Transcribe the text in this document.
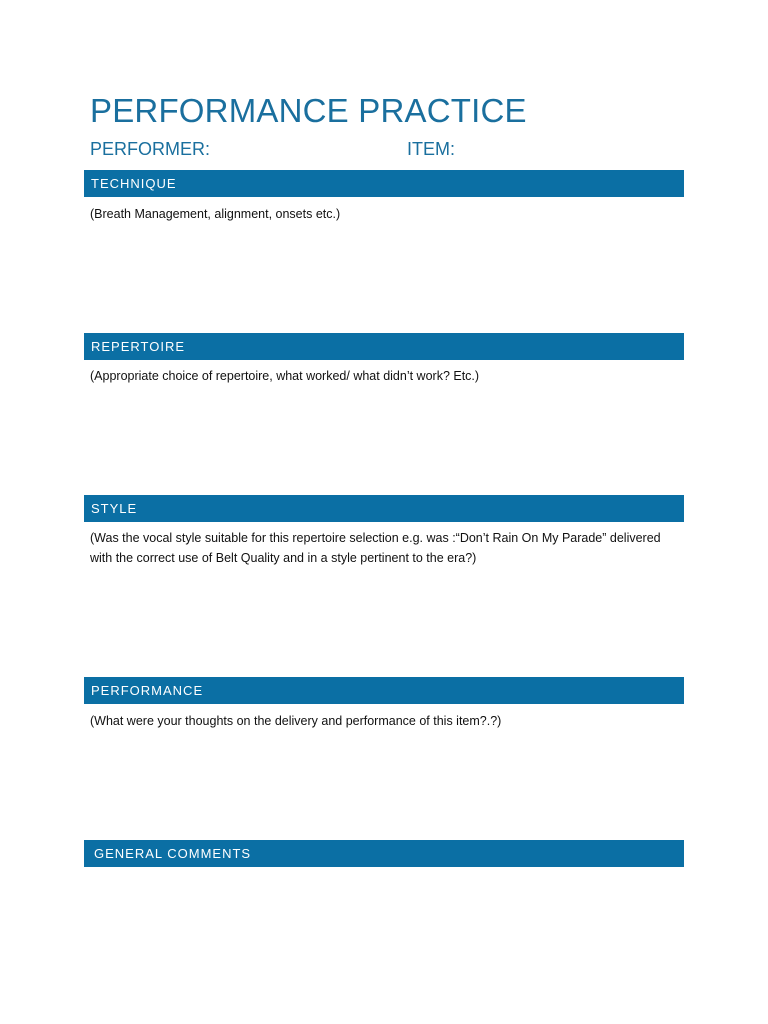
PERFORMANCE PRACTICE
PERFORMER:	ITEM:
TECHNIQUE
(Breath Management, alignment, onsets etc.)
REPERTOIRE
(Appropriate choice of repertoire, what worked/ what didn’t work? Etc.)
STYLE
(Was the vocal style suitable for this repertoire selection e.g. was :“Don’t Rain On My Parade” delivered with the correct use of Belt Quality and in a style pertinent to the era?)
PERFORMANCE
(What were your thoughts on the delivery and performance of this item?.?)
GENERAL COMMENTS
